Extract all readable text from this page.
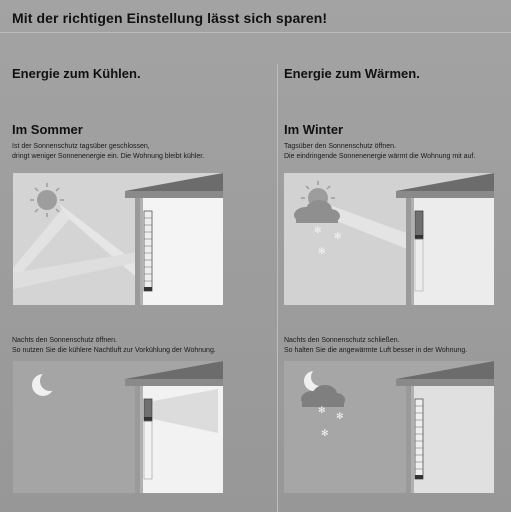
Mit der richtigen Einstellung lässt sich sparen!
Energie zum Kühlen.
Im Sommer
Ist der Sonnenschutz tagsüber geschlossen,
dringt weniger Sonnenenergie ein. Die Wohnung bleibt kühler.
Nachts den Sonnenschutz öffnen.
So nutzen Sie die kühlere Nachtluft zur Vorkühlung der Wohnung.
Energie zum Wärmen.
Im Winter
Tagsüber den Sonnenschutz öffnen.
Die eindringende Sonnenenergie wärmt die Wohnung mit auf.
✻
✻
✻
Nachts den Sonnenschutz schließen.
So halten Sie die angewärmte Luft besser in der Wohnung.
✻
✻
✻
